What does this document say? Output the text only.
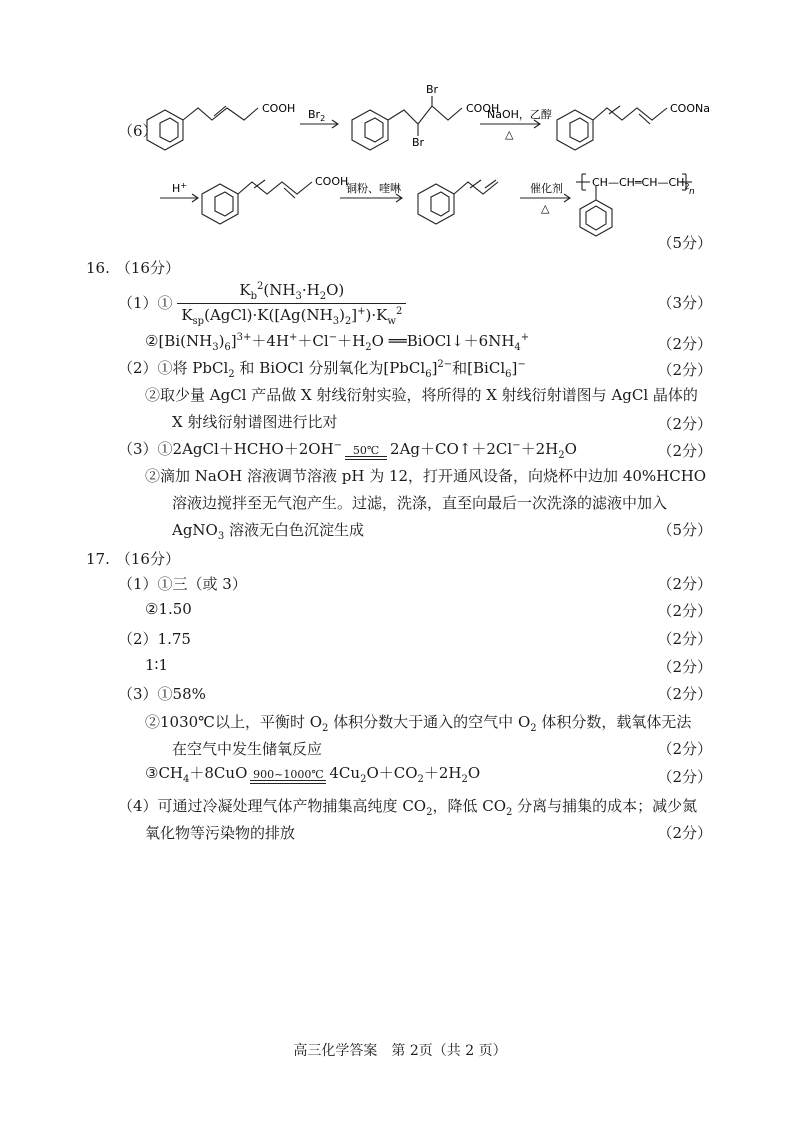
（6）
COOH $Br_2$
Br
Br
COOH
NaOH，乙醇
△
COONa
H+	COOH
铜粉、喹啉	催化剂
△
$CH—CH═CH—CH_2$
n
（5分）
16. （16分）
（1）① $\frac{K_b^2(NH_3\cdot H_2O)}{K_{sp}(AgCl)\cdot K([Ag(NH_3)_2]^+)\cdot K_w^2}$	（3分）
$②[Bi(NH_3)_6]^{3+}+4H^++Cl^-+H_2O$ $══BiOCl↓+6NH_4^+$	（2分）
（2）①将 PbCl$_2$ 和 BiOCl 分别氧化为[PbCl$_6$]$^{2-}$和[BiCl$_6$]−	（2分）
②取少量 AgCl 产品做 X 射线衍射实验，将所得的 X 射线衍射谱图与 AgCl 晶体的
X 射线衍射谱图进行比对	（2分）
（3）①2AgCl＋HCHO＋2OH− 50℃ $2Ag+CO↑+2Cl^-+2H_2O$	（2分）
②滴加 NaOH 溶液调节溶液 pH 为 12，打开通风设备，向烧杯中边加 40%HCHO
溶液边搅拌至无气泡产生。过滤，洗涤，直至向最后一次洗涤的滤液中加入
AgNO$_3$ 溶液无白色沉淀生成	（5分）
17. （16分）
（1）①三（或 3）	（2分）
②1.50	（2分）
（2）1.75	（2分）
1∶1	（2分）
（3）①58%	（2分）
②1030℃以上，平衡时 $O_2$ 体积分数大于通入的空气中 $O_2$ 体积分数，载氧体无法
在空气中发生储氧反应	（2分）
$③CH_4+8CuO$ 900~1000℃ $4Cu_2O+CO_2+2H_2O$	（2分）
（4）可通过冷凝处理气体产物捕集高纯度 $CO_2$，降低 $CO_2$ 分离与捕集的成本；减少氮
氧化物等污染物的排放	（2分）
高三化学答案　第 2页（共 2 页）
